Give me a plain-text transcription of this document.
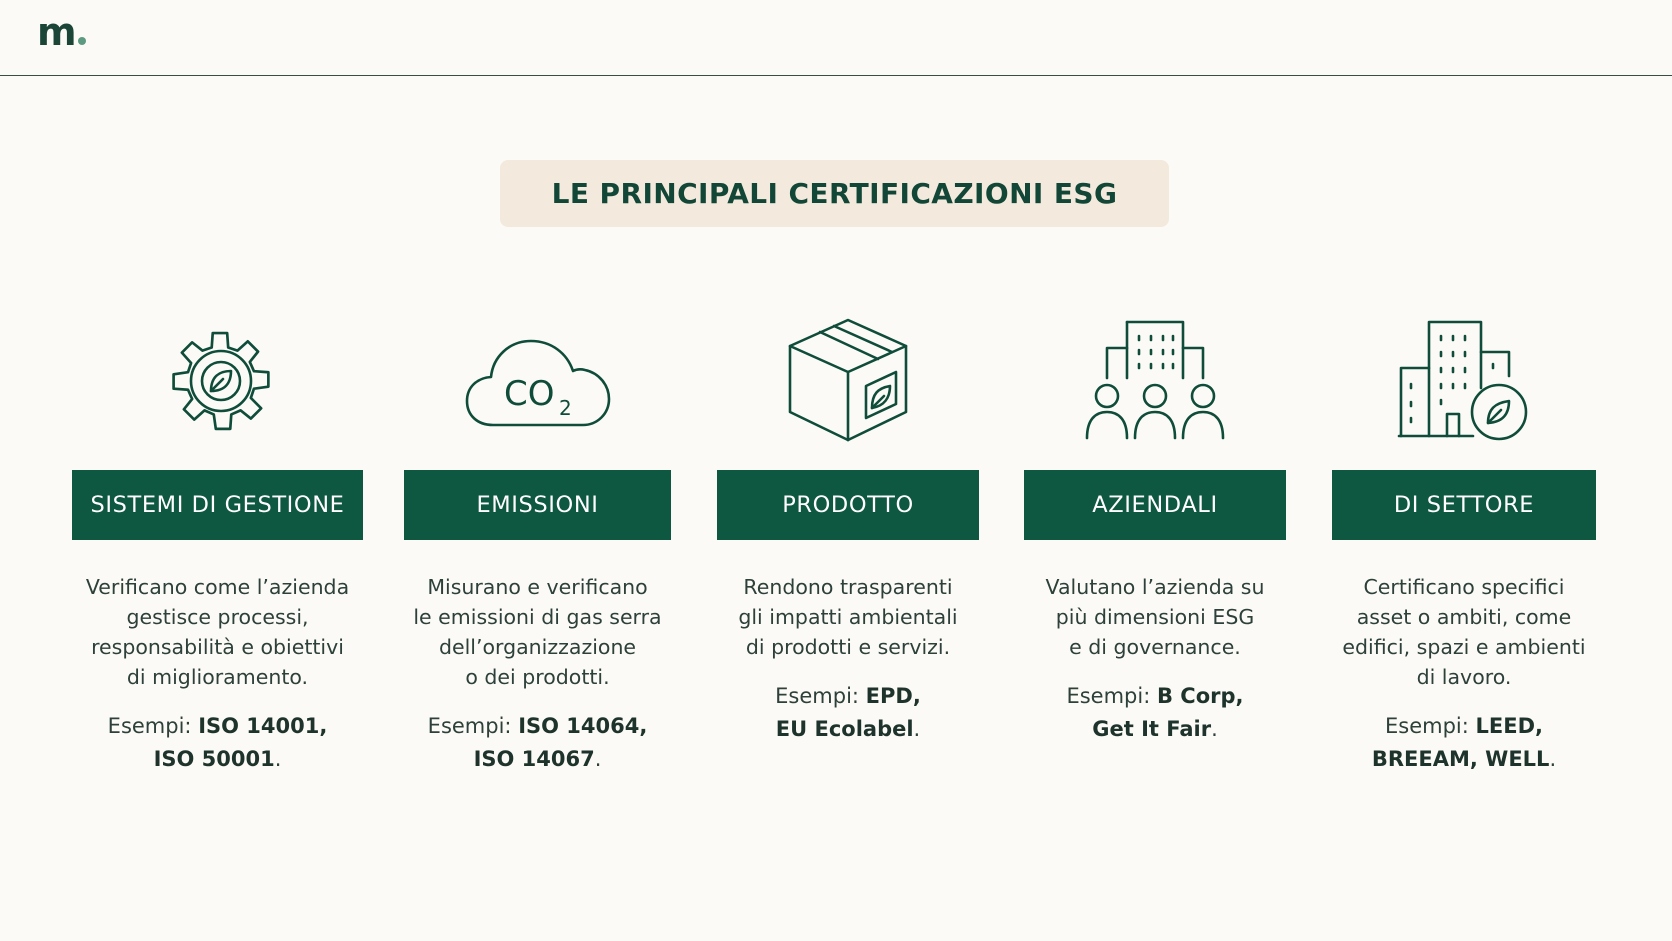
m
LE PRINCIPALI CERTIFICAZIONI ESG
SISTEMI DI GESTIONE
Verificano come l’azienda
gestisce processi,
responsabilità e obiettivi
di miglioramento.
Esempi: ISO 14001,
ISO 50001.
CO 2
EMISSIONI
Misurano e verificano
le emissioni di gas serra
dell’organizzazione
o dei prodotti.
Esempi: ISO 14064,
ISO 14067.
PRODOTTO
Rendono trasparenti
gli impatti ambientali
di prodotti e servizi.
Esempi: EPD,
EU Ecolabel.
AZIENDALI
Valutano l’azienda su
più dimensioni ESG
e di governance.
Esempi: B Corp,
Get It Fair.
DI SETTORE
Certificano specifici
asset o ambiti, come
edifici, spazi e ambienti
di lavoro.
Esempi: LEED,
BREEAM, WELL.
